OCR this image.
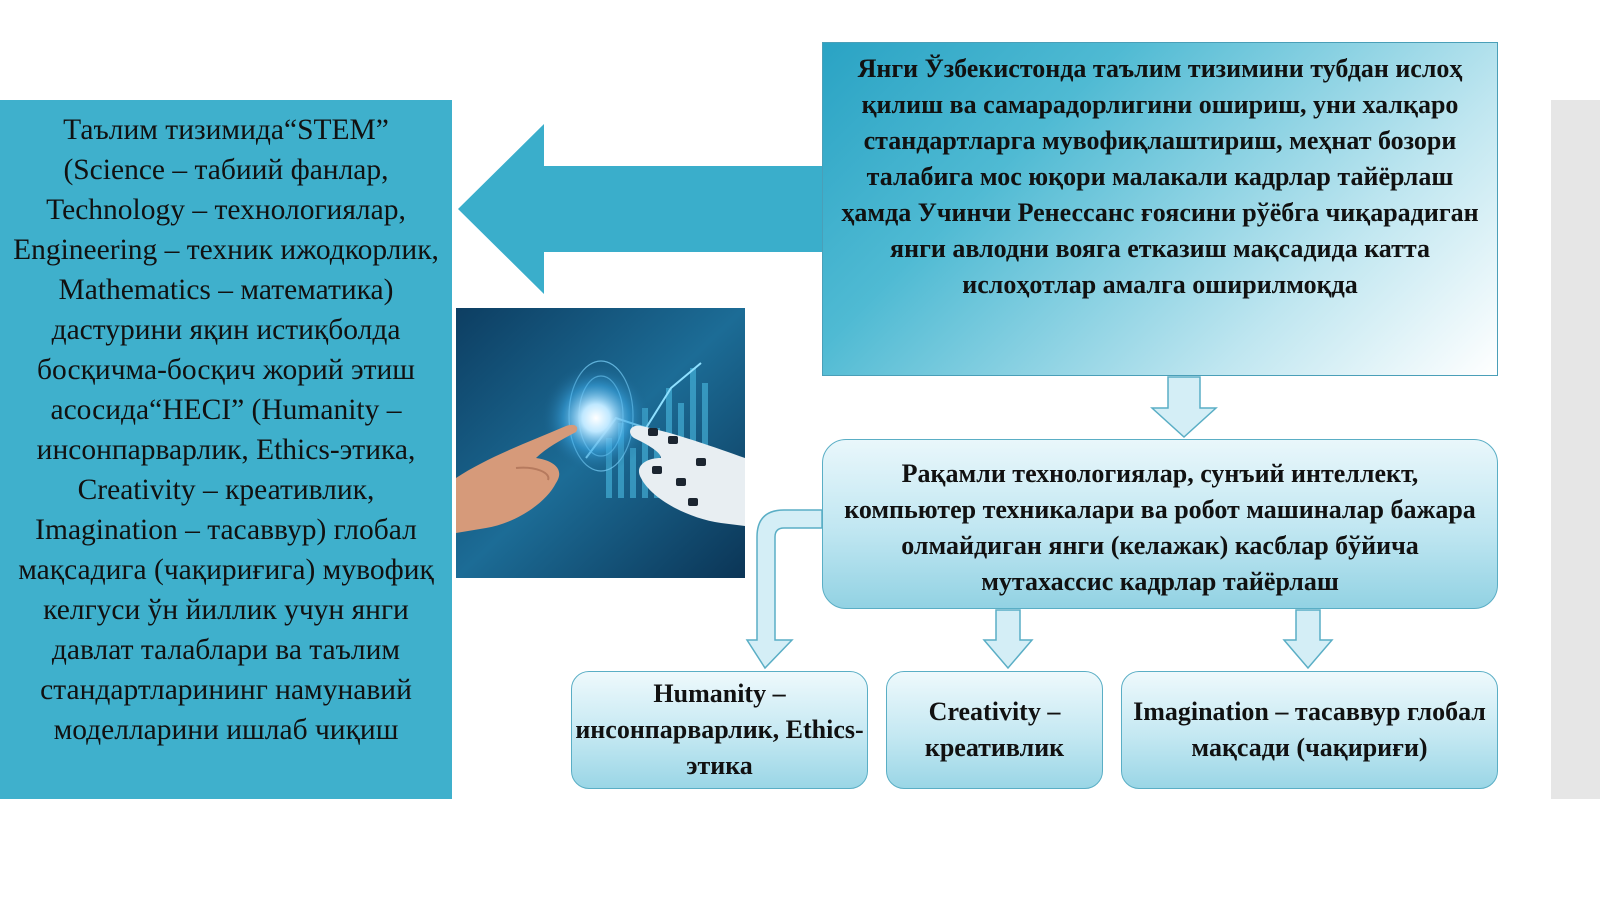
Таълим тизимида“STEM” (Science – табиий фанлар, Technology – технологиялар, Engineering – техник ижодкорлик, Mathematics – математика) дастурини яқин истиқболда босқичма-босқич жорий этиш асосида“HECI” (Humanity – инсонпарварлик, Ethics-этика, Creativity – креативлик, Imagination – тасаввур) глобал мақсадига (чақириғига) мувофиқ келгуси ўн йиллик учун янги давлат талаблари ва таълим стандартларининг намунавий моделларини ишлаб чиқиш
Янги Ўзбекистонда таълим тизимини тубдан ислоҳ қилиш ва самарадорлигини ошириш, уни халқаро стандартларга мувофиқлаштириш, меҳнат бозори талабига мос юқори малакали кадрлар тайёрлаш ҳамда Учинчи Ренессанс ғоясини рўёбга чиқарадиган янги авлодни вояга етказиш мақсадида катта ислоҳотлар амалга оширилмоқда
Рақамли технологиялар, сунъий интеллект, компьютер техникалари ва робот машиналар бажара олмайдиган янги (келажак) касблар бўйича мутахассис кадрлар тайёрлаш
Humanity – инсонпарварлик, Ethics-этика
Creativity – креативлик
Imagination – тасаввур глобал мақсади (чақириғи)
